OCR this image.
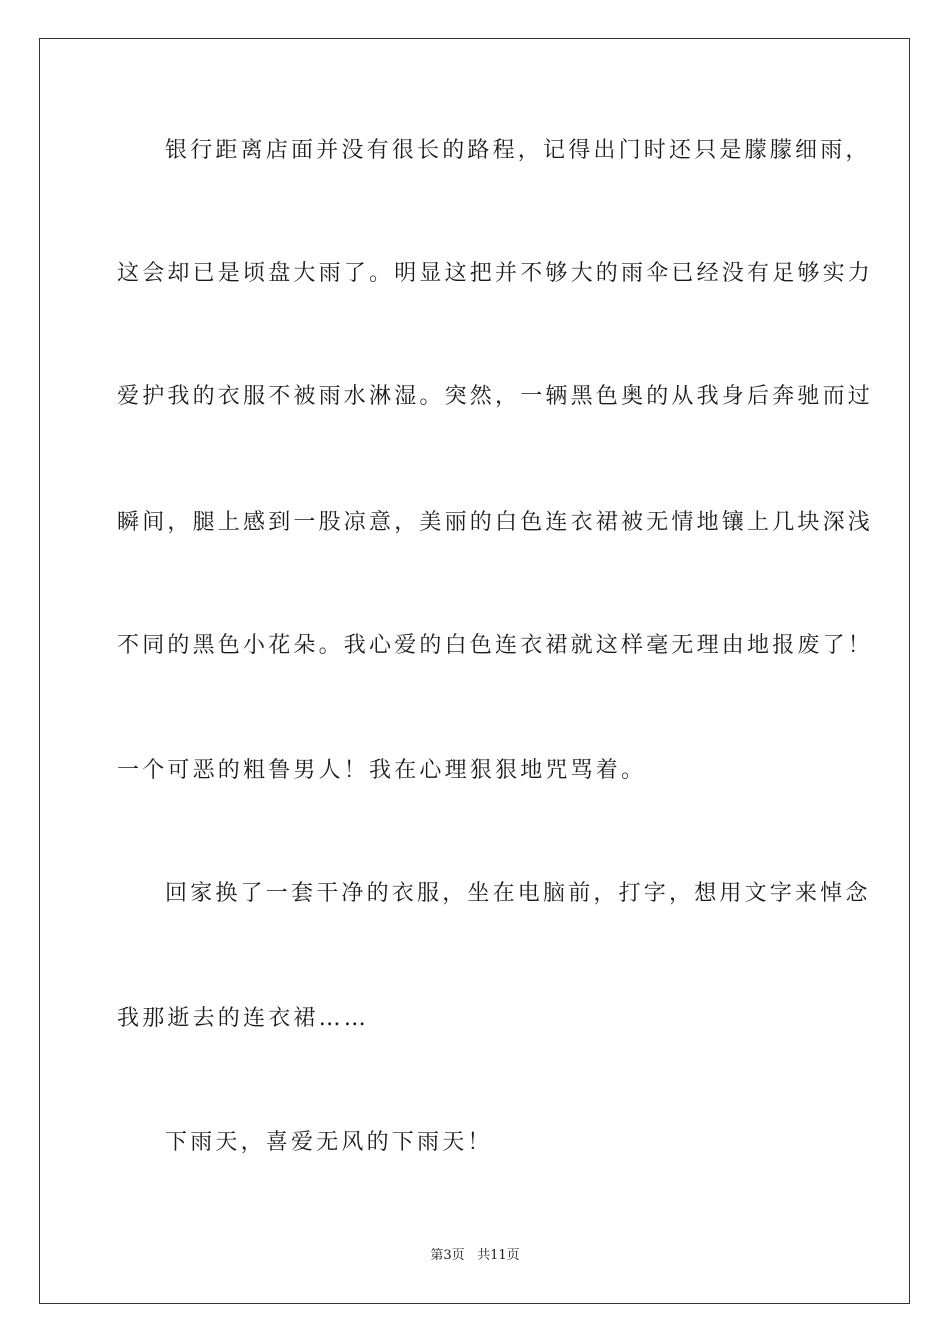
银行距离店面并没有很长的路程，记得出门时还只是朦朦细雨，
这会却已是顷盘大雨了。明显这把并不够大的雨伞已经没有足够实力
爱护我的衣服不被雨水淋湿。突然，一辆黑色奥的从我身后奔驰而过
瞬间，腿上感到一股凉意，美丽的白色连衣裙被无情地镶上几块深浅
不同的黑色小花朵。我心爱的白色连衣裙就这样毫无理由地报废了！
一个可恶的粗鲁男人！我在心理狠狠地咒骂着。
回家换了一套干净的衣服，坐在电脑前，打字，想用文字来悼念
我那逝去的连衣裙……
下雨天，喜爱无风的下雨天！
第3页 共11页
